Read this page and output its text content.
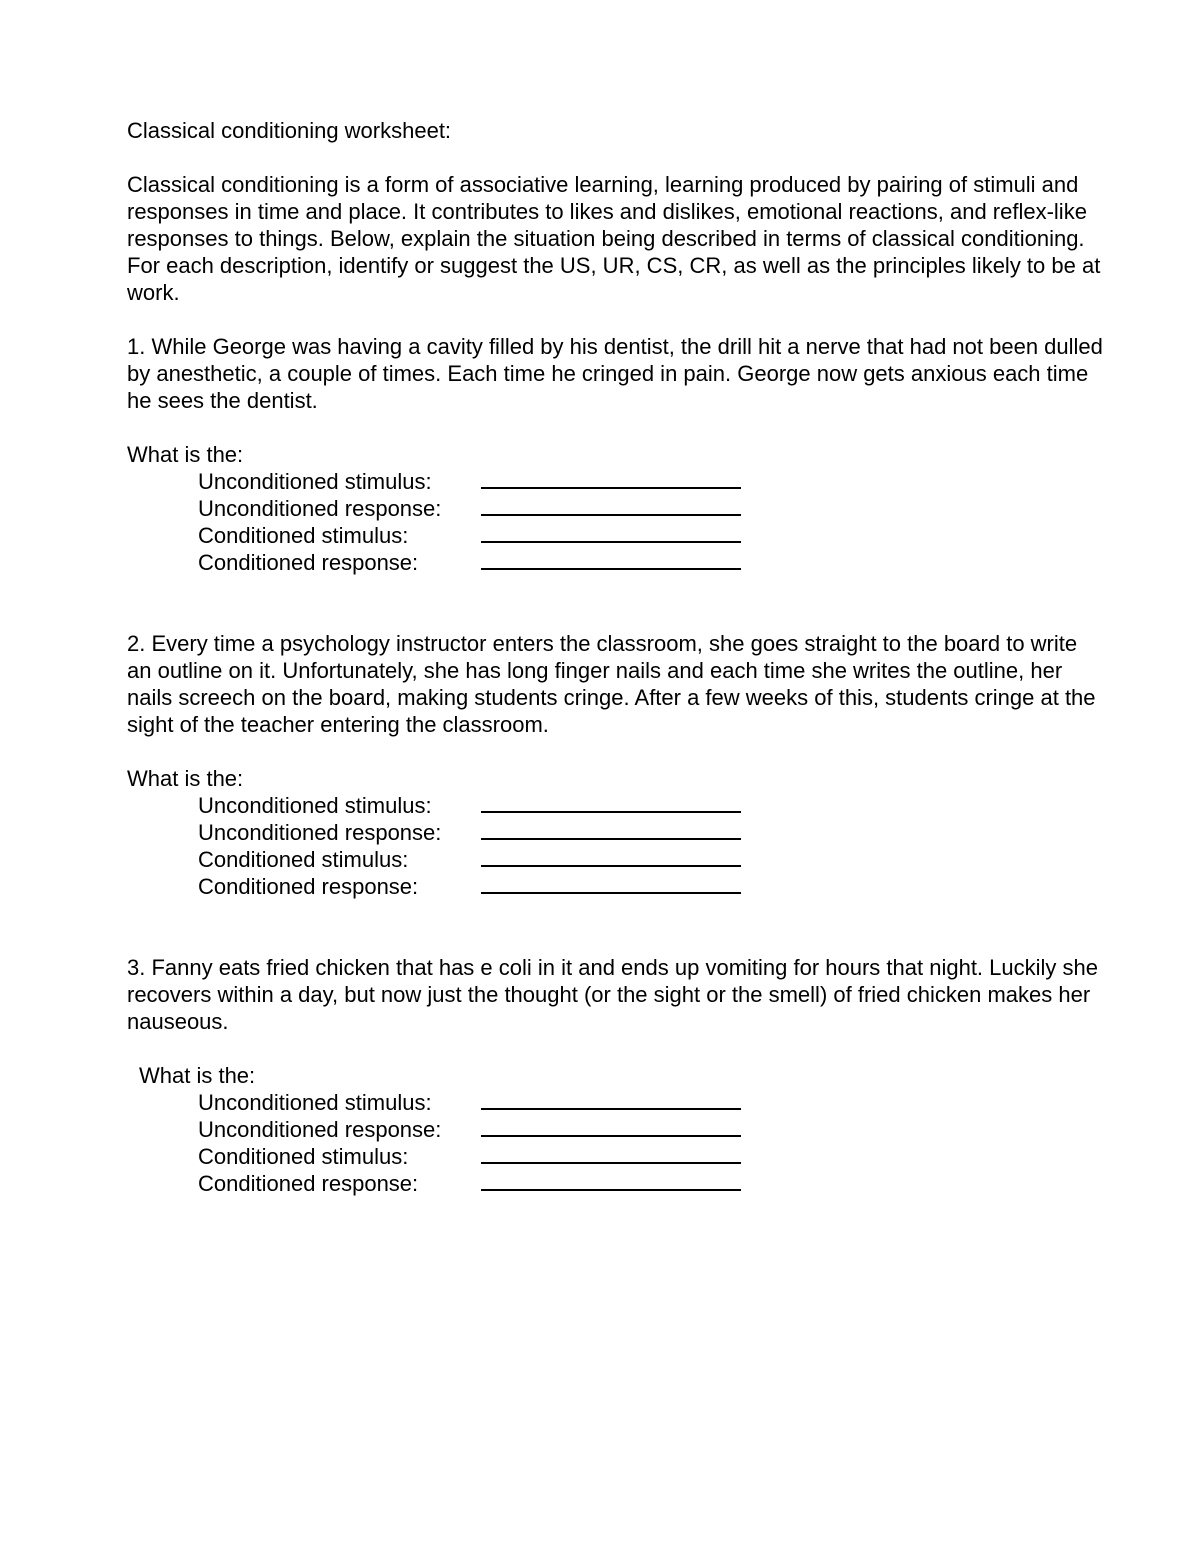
Classical conditioning worksheet:

Classical conditioning is a form of associative learning, learning produced by pairing of stimuli and responses in time and place. It contributes to likes and dislikes, emotional reactions, and reflex-like responses to things. Below, explain the situation being described in terms of classical conditioning. For each description, identify or suggest the US, UR, CS, CR, as well as the principles likely to be at work.

1. While George was having a cavity filled by his dentist, the drill hit a nerve that had not been dulled by anesthetic, a couple of times. Each time he cringed in pain. George now gets anxious each time he sees the dentist.

What is the:

Unconditioned stimulus:
Unconditioned response:
Conditioned stimulus:
Conditioned response:

2. Every time a psychology instructor enters the classroom, she goes straight to the board to write an outline on it. Unfortunately, she has long finger nails and each time she writes the outline, her nails screech on the board, making students cringe. After a few weeks of this, students cringe at the sight of the teacher entering the classroom.

What is the:

Unconditioned stimulus:
Unconditioned response:
Conditioned stimulus:
Conditioned response:

3. Fanny eats fried chicken that has e coli in it and ends up vomiting for hours that night. Luckily she recovers within a day, but now just the thought (or the sight or the smell) of fried chicken makes her nauseous.

What is the:

Unconditioned stimulus:
Unconditioned response:
Conditioned stimulus:
Conditioned response:
